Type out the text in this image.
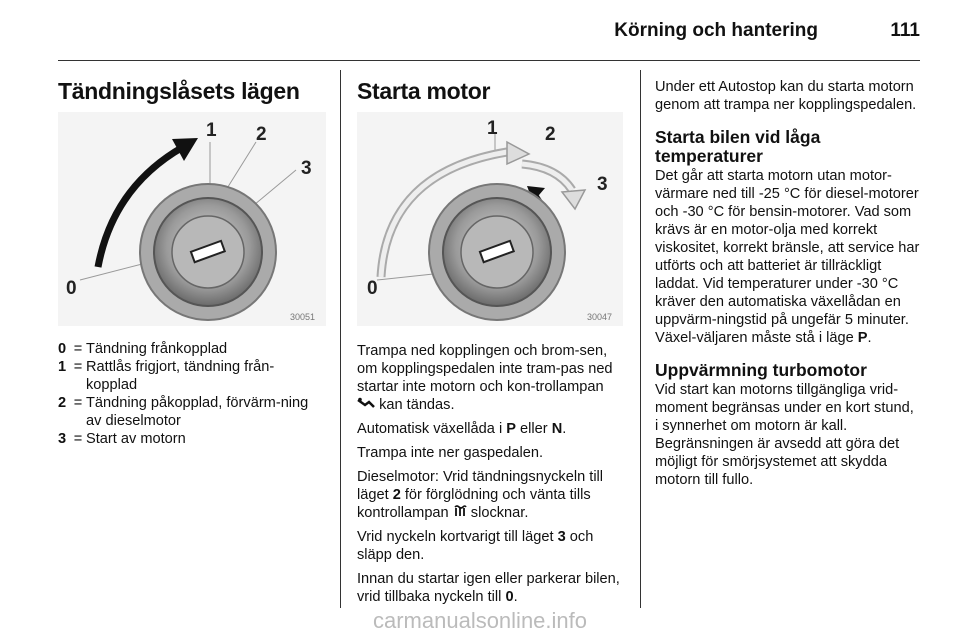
Körning och hantering	111
Tändningslåsets lägen
1 2
3
0
30051
0 = Tändning frånkopplad
1 = Rattlås frigjort, tändning från-kopplad
2 = Tändning påkopplad, förvärm-ning av dieselmotor
3 = Start av motorn
Starta motor
1 2
3
0
30047

Trampa ned kopplingen och brom-sen, om kopplingspedalen inte tram-pas ned startar inte motorn och kon-trollampan  kan tändas.

Automatisk växellåda i P eller N.

Trampa inte ner gaspedalen.

Dieselmotor: Vrid tändningsnyckeln till läget 2 för förglödning och vänta tills kontrollampan slocknar.

Vrid nyckeln kortvarigt till läget 3 och släpp den.

Innan du startar igen eller parkerar bilen, vrid tillbaka nyckeln till 0.

Under ett Autostop kan du starta motorn genom att trampa ner kopplingspedalen.

Starta bilen vid låga temperaturer

Det går att starta motorn utan motor-värmare ned till -25 °C för diesel-motorer och -30 °C för bensin-motorer. Vad som krävs är en motor-olja med korrekt viskositet, korrekt bränsle, att service har utförts och att batteriet är tillräckligt laddat. Vid temperaturer under -30 °C kräver den automatiska växellådan en uppvärm-ningstid på ungefär 5 minuter. Växel-väljaren måste stå i läge P.

Uppvärmning turbomotor

Vid start kan motorns tillgängliga vrid-moment begränsas under en kort stund, i synnerhet om motorn är kall. Begränsningen är avsedd att göra det möjligt för smörjsystemet att skydda motorn till fullo.

carmanualsonline.info
